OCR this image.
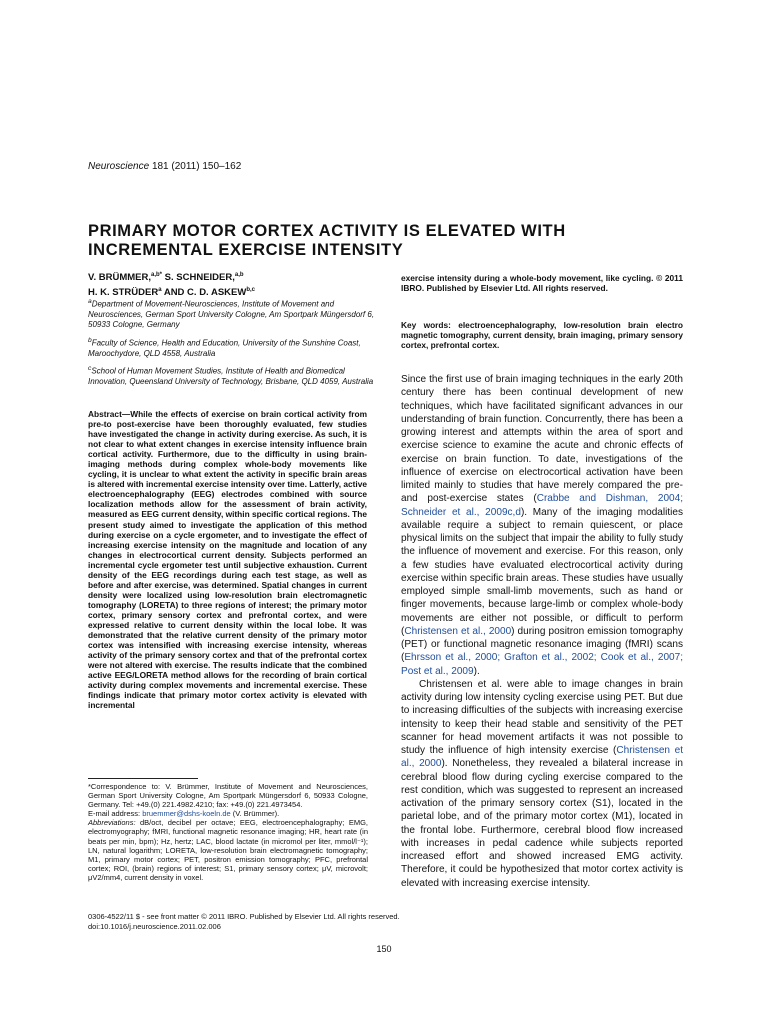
Neuroscience 181 (2011) 150–162
PRIMARY MOTOR CORTEX ACTIVITY IS ELEVATED WITH INCREMENTAL EXERCISE INTENSITY
V. BRÜMMER,$^{a,b*}$ S. SCHNEIDER,$^{a,b}$
H. K. STRÜDER$^a$ AND C. D. ASKEW$^{b,c}$
$^a$Department of Movement-Neurosciences, Institute of Movement and Neurosciences, German Sport University Cologne, Am Sportpark Müngersdorf 6, 50933 Cologne, Germany
$^b$Faculty of Science, Health and Education, University of the Sunshine Coast, Maroochydore, QLD 4558, Australia
$^c$School of Human Movement Studies, Institute of Health and Biomedical Innovation, Queensland University of Technology, Brisbane, QLD 4059, Australia
Abstract—While the effects of exercise on brain cortical activity from pre-to post-exercise have been thoroughly evaluated, few studies have investigated the change in activity during exercise. As such, it is not clear to what extent changes in exercise intensity influence brain cortical activity. Furthermore, due to the difficulty in using brain-imaging methods during complex whole-body movements like cycling, it is unclear to what extent the activity in specific brain areas is altered with incremental exercise intensity over time. Latterly, active electroencephalography (EEG) electrodes combined with source localization methods allow for the assessment of brain activity, measured as EEG current density, within specific cortical regions. The present study aimed to investigate the application of this method during exercise on a cycle ergometer, and to investigate the effect of increasing exercise intensity on the magnitude and location of any changes in electrocortical current density. Subjects performed an incremental cycle ergometer test until subjective exhaustion. Current density of the EEG recordings during each test stage, as well as before and after exercise, was determined. Spatial changes in current density were localized using low-resolution brain electromagnetic tomography (LORETA) to three regions of interest; the primary motor cortex, primary sensory cortex and prefrontal cortex, and were expressed relative to current density within the local lobe. It was demonstrated that the relative current density of the primary motor cortex was intensified with increasing exercise intensity, whereas activity of the primary sensory cortex and that of the prefrontal cortex were not altered with exercise. The results indicate that the combined active EEG/LORETA method allows for the recording of brain cortical activity during complex movements and incremental exercise. These findings indicate that primary motor cortex activity is elevated with incremental
*Correspondence to: V. Brümmer, Institute of Movement and Neurosciences, German Sport University Cologne, Am Sportpark Müngersdorf 6, 50933 Cologne, Germany. Tel: +49.(0) 221.4982.4210; fax: +49.(0) 221.4973454.
E-mail address: bruemmer@dshs-koeln.de (V. Brümmer).
Abbreviations: dB/oct, decibel per octave; EEG, electroencephalography; EMG, electromyography; fMRI, functional magnetic resonance imaging; HR, heart rate (in beats per min, bpm); Hz, hertz; LAC, blood lactate (in micromol per liter, mmol/l⁻¹); LN, natural logarithm; LORETA, low-resolution brain electromagnetic tomography; M1, primary motor cortex; PET, positron emission tomography; PFC, prefrontal cortex; ROI, (brain) regions of interest; S1, primary sensory cortex; μV, microvolt; μV2/mm4, current density in voxel.
0306-4522/11 $ - see front matter © 2011 IBRO. Published by Elsevier Ltd. All rights reserved.
doi:10.1016/j.neuroscience.2011.02.006
150
exercise intensity during a whole-body movement, like cycling. © 2011 IBRO. Published by Elsevier Ltd. All rights reserved.
Key words: electroencephalography, low-resolution brain electro magnetic tomography, current density, brain imaging, primary sensory cortex, prefrontal cortex.

Since the first use of brain imaging techniques in the early 20th century there has been continual development of new techniques, which have facilitated significant advances in our understanding of brain function. Concurrently, there has been a growing interest and attempts within the area of sport and exercise science to examine the acute and chronic effects of exercise on brain function. To date, investigations of the influence of exercise on electrocortical activation have been limited mainly to studies that have merely compared the pre- and post-exercise states (Crabbe and Dishman, 2004; Schneider et al., 2009c,d). Many of the imaging modalities available require a subject to remain quiescent, or place physical limits on the subject that impair the ability to fully study the influence of movement and exercise. For this reason, only a few studies have evaluated electrocortical activity during exercise within specific brain areas. These studies have usually employed simple small-limb movements, such as hand or finger movements, because large-limb or complex whole-body movements are either not possible, or difficult to perform (Christensen et al., 2000) during positron emission tomography (PET) or functional magnetic resonance imaging (fMRI) scans (Ehrsson et al., 2000; Grafton et al., 2002; Cook et al., 2007; Post et al., 2009).

Christensen et al. were able to image changes in brain activity during low intensity cycling exercise using PET. But due to increasing difficulties of the subjects with increasing exercise intensity to keep their head stable and sensitivity of the PET scanner for head movement artifacts it was not possible to study the influence of high intensity exercise (Christensen et al., 2000). Nonetheless, they revealed a bilateral increase in cerebral blood flow during cycling exercise compared to the rest condition, which was suggested to represent an increased activation of the primary sensory cortex (S1), located in the parietal lobe, and of the primary motor cortex (M1), located in the frontal lobe. Furthermore, cerebral blood flow increased with increases in pedal cadence while subjects reported increased effort and showed increased EMG activity. Therefore, it could be hypothesized that motor cortex activity is elevated with increasing exercise intensity.
